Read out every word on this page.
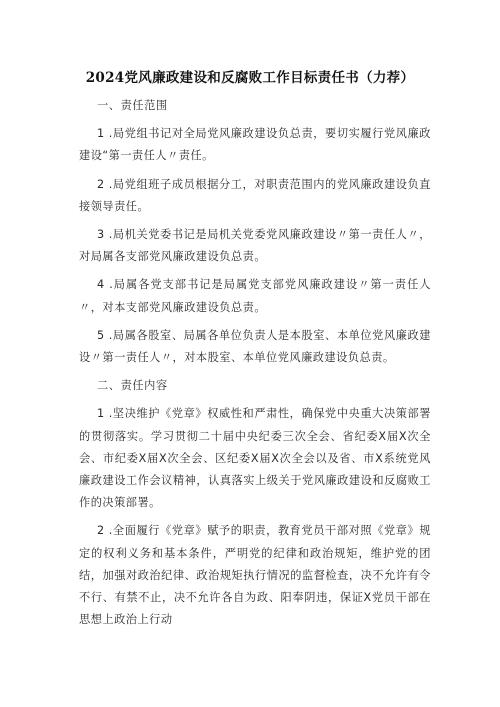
2024党风廉政建设和反腐败工作目标责任书（力荐）
一、责任范围

1 .局党组书记对全局党风廉政建设负总责，要切实履行党风廉政建设“第一责任人〃责任。

2 .局党组班子成员根据分工，对职责范围内的党风廉政建设负直接领导责任。

3 .局机关党委书记是局机关党委党风廉政建设〃第一责任人〃，对局属各支部党风廉政建设负总责。

4 .局属各党支部书记是局属党支部党风廉政建设〃第一责任人〃，对本支部党风廉政建设负总责。

5 .局属各股室、局属各单位负责人是本股室、本单位党风廉政建设〃第一责任人〃，对本股室、本单位党风廉政建设负总责。

二、责任内容

1 .坚决维护《党章》权威性和严肃性，确保党中央重大决策部署的贯彻落实。学习贯彻二十届中央纪委三次全会、省纪委X届X次全会、市纪委X届X次全会、区纪委X届X次全会以及省、市X系统党风廉政建设工作会议精神，认真落实上级关于党风廉政建设和反腐败工作的决策部署。

2 .全面履行《党章》赋予的职责，教育党员干部对照《党章》规定的权利义务和基本条件，严明党的纪律和政治规矩，维护党的团结，加强对政治纪律、政治规矩执行情况的监督检查，决不允许有令不行、有禁不止，决不允许各自为政、阳奉阴违，保证X党员干部在思想上政治上行动
